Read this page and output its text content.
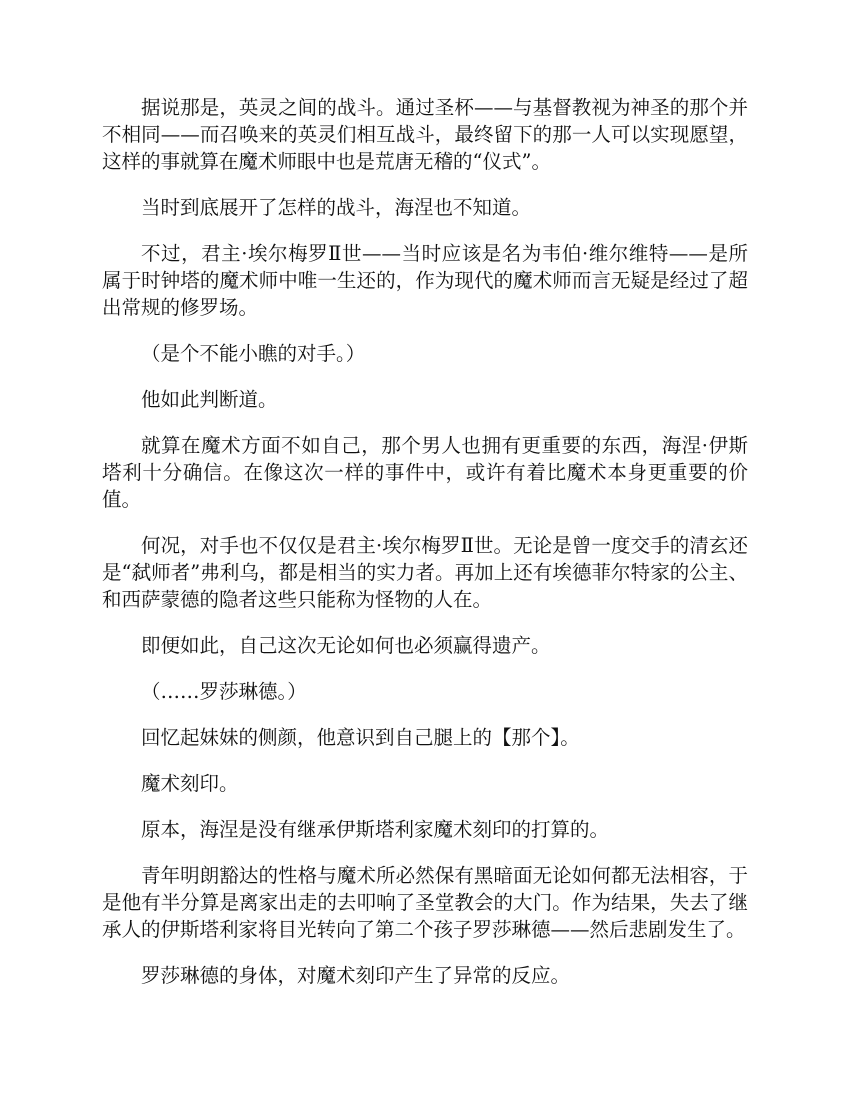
据说那是，英灵之间的战斗。通过圣杯——与基督教视为神圣的那个并不相同——而召唤来的英灵们相互战斗，最终留下的那一人可以实现愿望，这样的事就算在魔术师眼中也是荒唐无稽的“仪式”。

当时到底展开了怎样的战斗，海涅也不知道。

不过，君主·埃尔梅罗Ⅱ世——当时应该是名为韦伯·维尔维特——是所属于时钟塔的魔术师中唯一生还的，作为现代的魔术师而言无疑是经过了超出常规的修罗场。

（是个不能小瞧的对手。）

他如此判断道。

就算在魔术方面不如自己，那个男人也拥有更重要的东西，海涅·伊斯塔利十分确信。在像这次一样的事件中，或许有着比魔术本身更重要的价值。

何况，对手也不仅仅是君主·埃尔梅罗Ⅱ世。无论是曾一度交手的清玄还是“弑师者”弗利乌，都是相当的实力者。再加上还有埃德菲尔特家的公主、和西萨蒙德的隐者这些只能称为怪物的人在。

即便如此，自己这次无论如何也必须赢得遗产。

（……罗莎琳德。）

回忆起妹妹的侧颜，他意识到自己腿上的【那个】。

魔术刻印。

原本，海涅是没有继承伊斯塔利家魔术刻印的打算的。

青年明朗豁达的性格与魔术所必然保有黑暗面无论如何都无法相容，于是他有半分算是离家出走的去叩响了圣堂教会的大门。作为结果，失去了继承人的伊斯塔利家将目光转向了第二个孩子罗莎琳德——然后悲剧发生了。

罗莎琳德的身体，对魔术刻印产生了异常的反应。
